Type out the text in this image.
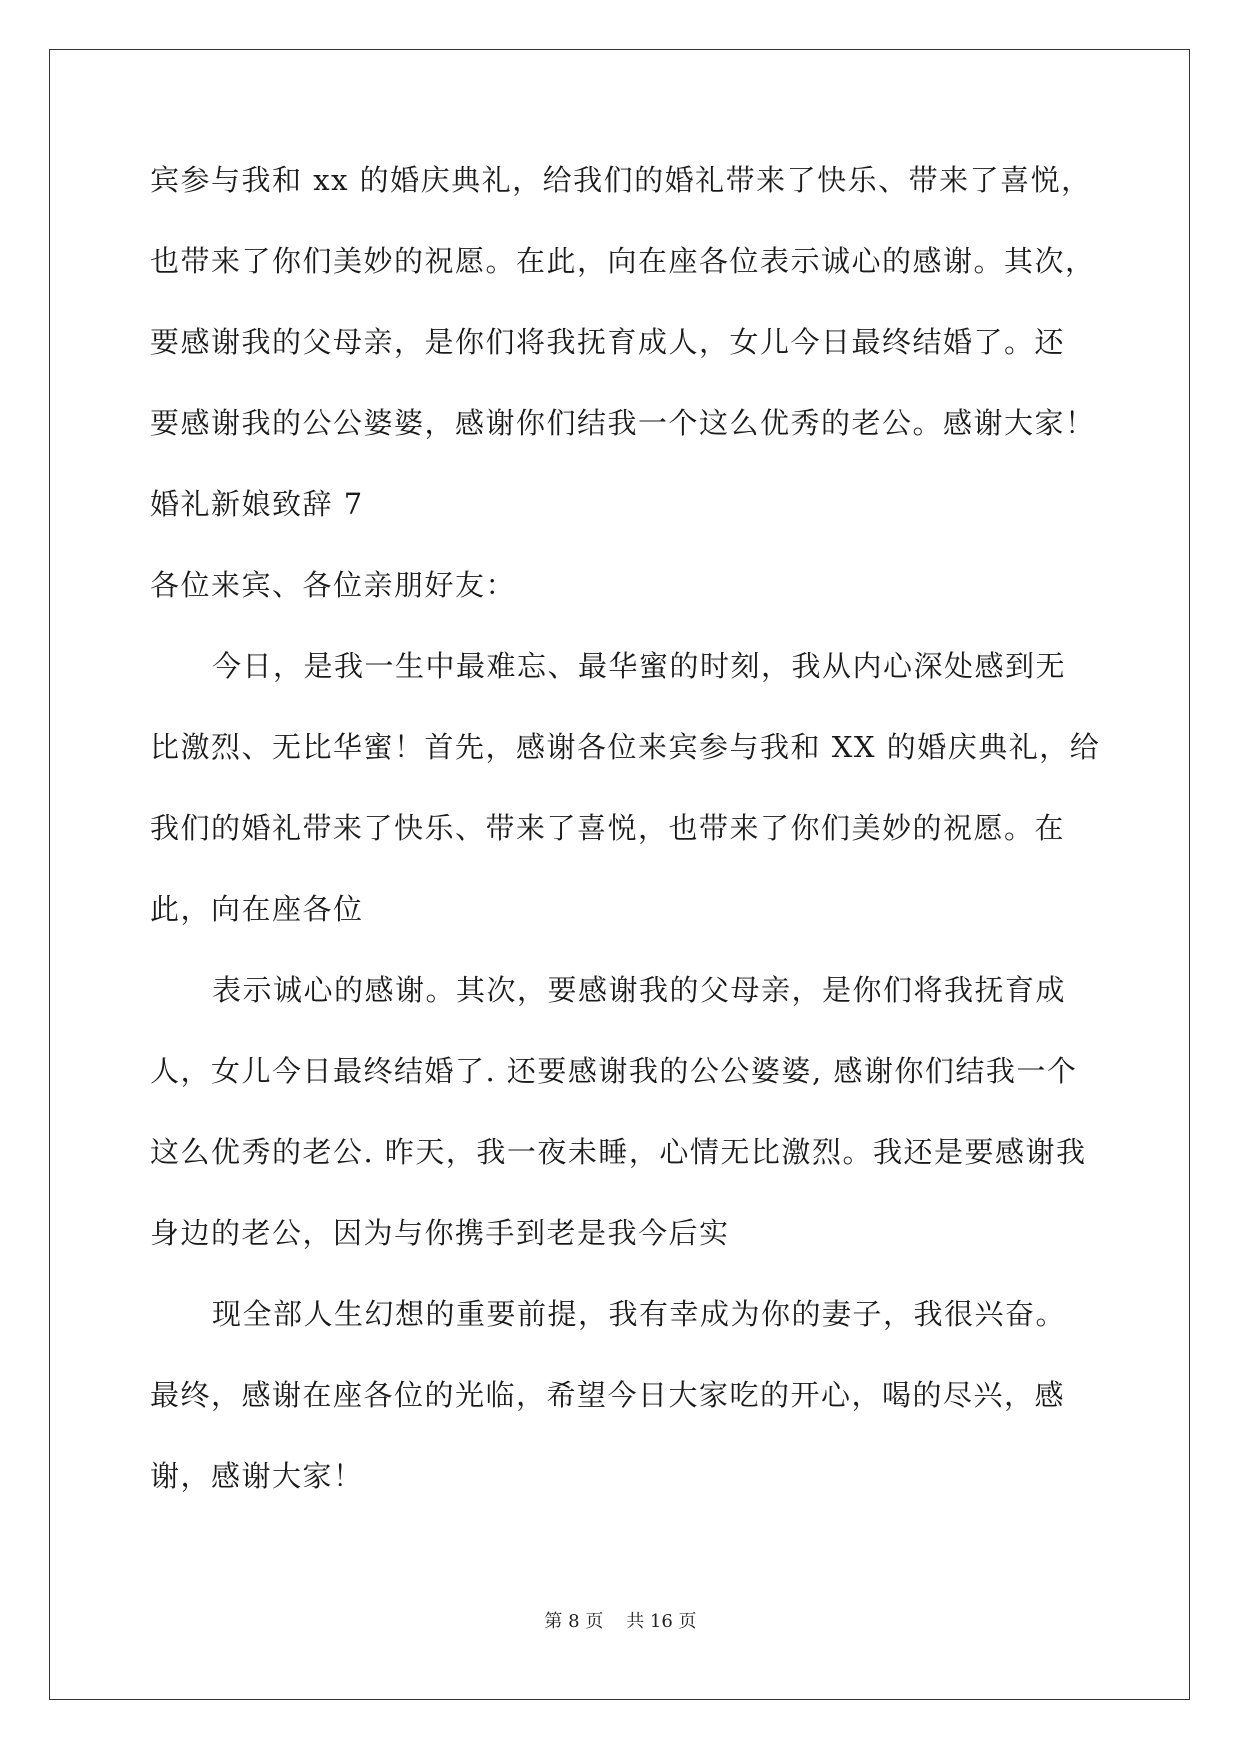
宾参与我和 xx 的婚庆典礼，给我们的婚礼带来了快乐、带来了喜悦，
也带来了你们美妙的祝愿。在此，向在座各位表示诚心的感谢。其次，
要感谢我的父母亲，是你们将我抚育成人，女儿今日最终结婚了。还
要感谢我的公公婆婆，感谢你们结我一个这么优秀的老公。感谢大家！
婚礼新娘致辞 7
各位来宾、各位亲朋好友：
今日，是我一生中最难忘、最华蜜的时刻，我从内心深处感到无
比激烈、无比华蜜！首先，感谢各位来宾参与我和 XX 的婚庆典礼，给
我们的婚礼带来了快乐、带来了喜悦，也带来了你们美妙的祝愿。在
此，向在座各位
表示诚心的感谢。其次，要感谢我的父母亲，是你们将我抚育成
人，女儿今日最终结婚了. 还要感谢我的公公婆婆, 感谢你们结我一个
这么优秀的老公. 昨天，我一夜未睡，心情无比激烈。我还是要感谢我
身边的老公，因为与你携手到老是我今后实
现全部人生幻想的重要前提，我有幸成为你的妻子，我很兴奋。
最终，感谢在座各位的光临，希望今日大家吃的开心，喝的尽兴，感
谢，感谢大家！
第 8 页    共 16 页
